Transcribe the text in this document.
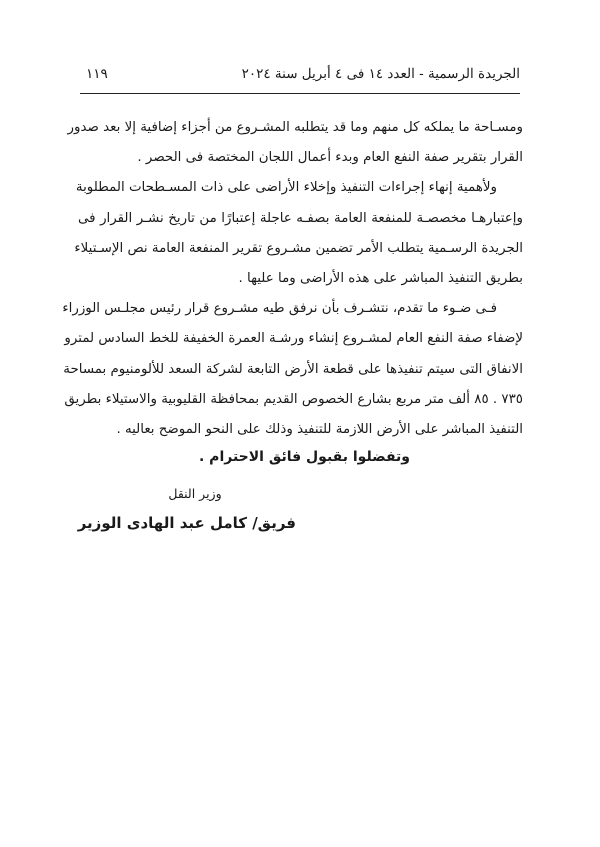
الجريدة الرسمية - العدد ١٤ فى ٤ أبريل سنة ٢٠٢٤
١١٩
ومسـاحة ما يملكه كل منهم وما قد يتطلبه المشـروع من أجزاء إضافية إلا بعد صدور
القرار بتقرير صفة النفع العام وبدء أعمال اللجان المختصة فى الحصر .
ولأهمية إنهاء إجراءات التنفيذ وإخلاء الأراضى على ذات المسـطحات المطلوبة
وإعتبارهـا مخصصـة للمنفعة العامة بصفـه عاجلة إعتبارًا من تاريخ نشـر القرار فى
الجريدة الرسـمية يتطلب الأمر تضمين مشـروع تقرير المنفعة العامة نص الإسـتيلاء
بطريق التنفيذ المباشر على هذه الأراضى وما عليها .
فـى ضـوء ما تقدم، نتشـرف بأن نرفق طيه مشـروع قرار رئيس مجلـس الوزراء
لإضفاء صفة النفع العام لمشـروع إنشاء ورشـة العمرة الخفيفة للخط السادس لمترو
الانفاق التى سيتم تنفيذها على قطعة الأرض التابعة لشركة السعد للألومنيوم بمساحة
٧٣٥ . ٨٥ ألف متر مربع بشارع الخصوص القديم بمحافظة القليوبية والاستيلاء بطريق
التنفيذ المباشر على الأرض اللازمة للتنفيذ وذلك على النحو الموضح بعاليه .
وتفضلوا بقبول فائق الاحترام .
وزير النقل
فريق/ كامل عبد الهادى الوزير
